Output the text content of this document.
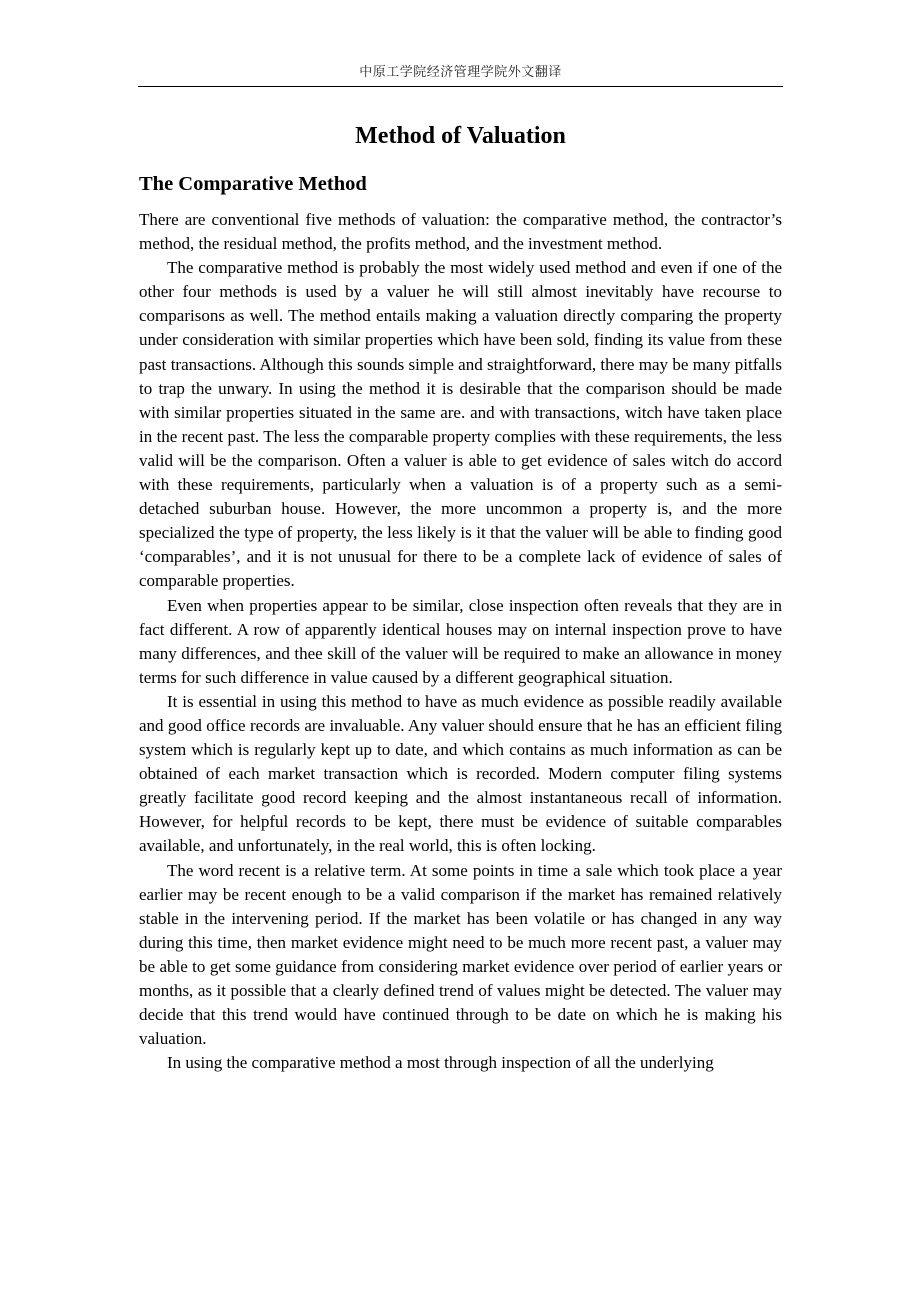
中原工学院经济管理学院外文翻译
Method of Valuation
The Comparative Method

There are conventional five methods of valuation: the comparative method, the contractor’s method, the residual method, the profits method, and the investment method.

The comparative method is probably the most widely used method and even if one of the other four methods is used by a valuer he will still almost inevitably have recourse to comparisons as well. The method entails making a valuation directly comparing the property under consideration with similar properties which have been sold, finding its value from these past transactions. Although this sounds simple and straightforward, there may be many pitfalls to trap the unwary. In using the method it is desirable that the comparison should be made with similar properties situated in the same are. and with transactions, witch have taken place in the recent past. The less the comparable property complies with these requirements, the less valid will be the comparison. Often a valuer is able to get evidence of sales witch do accord with these requirements, particularly when a valuation is of a property such as a semi-detached suburban house. However, the more uncommon a property is, and the more specialized the type of property, the less likely is it that the valuer will be able to finding good ‘comparables’, and it is not unusual for there to be a complete lack of evidence of sales of comparable properties.

Even when properties appear to be similar, close inspection often reveals that they are in fact different. A row of apparently identical houses may on internal inspection prove to have many differences, and thee skill of the valuer will be required to make an allowance in money terms for such difference in value caused by a different geographical situation.

It is essential in using this method to have as much evidence as possible readily available and good office records are invaluable. Any valuer should ensure that he has an efficient filing system which is regularly kept up to date, and which contains as much information as can be obtained of each market transaction which is recorded. Modern computer filing systems greatly facilitate good record keeping and the almost instantaneous recall of information. However, for helpful records to be kept, there must be evidence of suitable comparables available, and unfortunately, in the real world, this is often locking.

The word recent is a relative term. At some points in time a sale which took place a year earlier may be recent enough to be a valid comparison if the market has remained relatively stable in the intervening period. If the market has been volatile or has changed in any way during this time, then market evidence might need to be much more recent past, a valuer may be able to get some guidance from considering market evidence over period of earlier years or months, as it possible that a clearly defined trend of values might be detected. The valuer may decide that this trend would have continued through to be date on which he is making his valuation.

In using the comparative method a most through inspection of all the underlying
